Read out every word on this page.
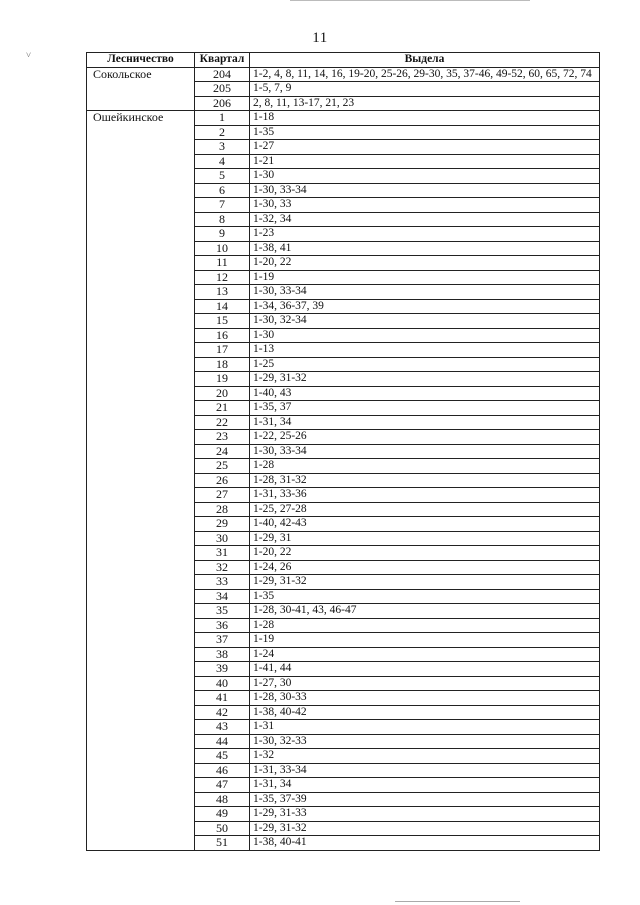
˅
11
Лесничество	Квартал	Выдела
Сокольское	204	1-2, 4, 8, 11, 14, 16, 19-20, 25-26, 29-30, 35, 37-46, 49-52, 60, 65, 72, 74
	205	1-5, 7, 9
	206	2, 8, 11, 13-17, 21, 23
Ошейкинское	1	1-18
	2	1-35
	3	1-27
	4	1-21
	5	1-30
	6	1-30, 33-34
	7	1-30, 33
	8	1-32, 34
	9	1-23
	10	1-38, 41
	11	1-20, 22
	12	1-19
	13	1-30, 33-34
	14	1-34, 36-37, 39
	15	1-30, 32-34
	16	1-30
	17	1-13
	18	1-25
	19	1-29, 31-32
	20	1-40, 43
	21	1-35, 37
	22	1-31, 34
	23	1-22, 25-26
	24	1-30, 33-34
	25	1-28
	26	1-28, 31-32
	27	1-31, 33-36
	28	1-25, 27-28
	29	1-40, 42-43
	30	1-29, 31
	31	1-20, 22
	32	1-24, 26
	33	1-29, 31-32
	34	1-35
	35	1-28, 30-41, 43, 46-47
	36	1-28
	37	1-19
	38	1-24
	39	1-41, 44
	40	1-27, 30
	41	1-28, 30-33
	42	1-38, 40-42
	43	1-31
	44	1-30, 32-33
	45	1-32
	46	1-31, 33-34
	47	1-31, 34
	48	1-35, 37-39
	49	1-29, 31-33
	50	1-29, 31-32
	51	1-38, 40-41
